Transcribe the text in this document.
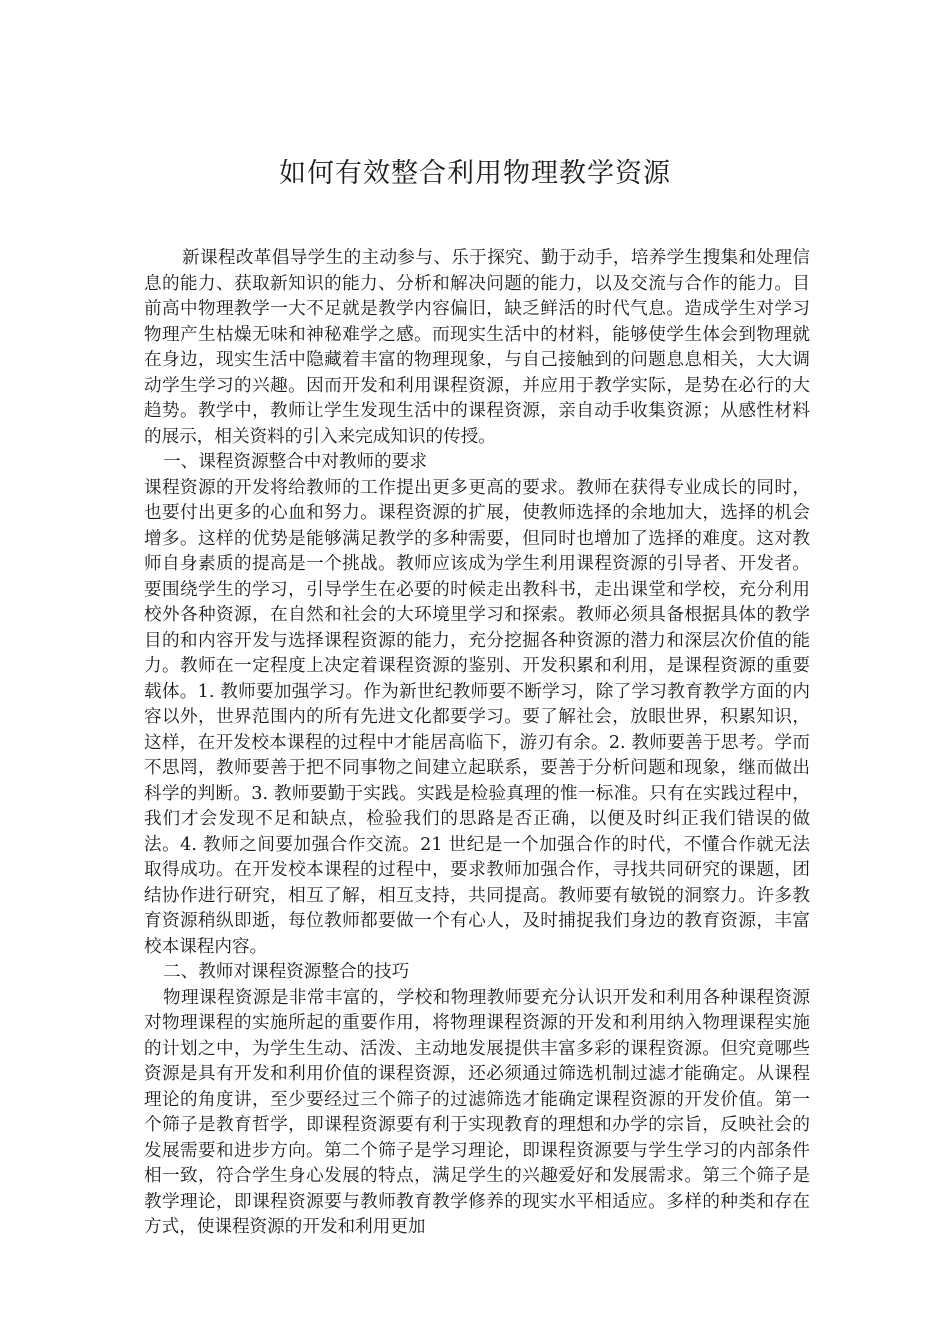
如何有效整合利用物理教学资源

新课程改革倡导学生的主动参与、乐于探究、勤于动手，培养学生搜集和处理信息的能力、获取新知识的能力、分析和解决问题的能力，以及交流与合作的能力。目前高中物理教学一大不足就是教学内容偏旧，缺乏鲜活的时代气息。造成学生对学习物理产生枯燥无味和神秘难学之感。而现实生活中的材料，能够使学生体会到物理就在身边，现实生活中隐藏着丰富的物理现象，与自己接触到的问题息息相关，大大调动学生学习的兴趣。因而开发和利用课程资源，并应用于教学实际，是势在必行的大趋势。教学中，教师让学生发现生活中的课程资源，亲自动手收集资源；从感性材料的展示，相关资料的引入来完成知识的传授。

一、课程资源整合中对教师的要求

课程资源的开发将给教师的工作提出更多更高的要求。教师在获得专业成长的同时，也要付出更多的心血和努力。课程资源的扩展，使教师选择的余地加大，选择的机会增多。这样的优势是能够满足教学的多种需要，但同时也增加了选择的难度。这对教师自身素质的提高是一个挑战。教师应该成为学生利用课程资源的引导者、开发者。要围绕学生的学习，引导学生在必要的时候走出教科书，走出课堂和学校，充分利用校外各种资源，在自然和社会的大环境里学习和探索。教师必须具备根据具体的教学目的和内容开发与选择课程资源的能力，充分挖掘各种资源的潜力和深层次价值的能力。教师在一定程度上决定着课程资源的鉴别、开发积累和利用，是课程资源的重要载体。1. 教师要加强学习。作为新世纪教师要不断学习，除了学习教育教学方面的内容以外，世界范围内的所有先进文化都要学习。要了解社会，放眼世界，积累知识，这样，在开发校本课程的过程中才能居高临下，游刃有余。2. 教师要善于思考。学而不思罔，教师要善于把不同事物之间建立起联系，要善于分析问题和现象，继而做出科学的判断。3. 教师要勤于实践。实践是检验真理的惟一标准。只有在实践过程中，我们才会发现不足和缺点，检验我们的思路是否正确，以便及时纠正我们错误的做法。4. 教师之间要加强合作交流。21 世纪是一个加强合作的时代，不懂合作就无法取得成功。在开发校本课程的过程中，要求教师加强合作，寻找共同研究的课题，团结协作进行研究，相互了解，相互支持，共同提高。教师要有敏锐的洞察力。许多教育资源稍纵即逝，每位教师都要做一个有心人，及时捕捉我们身边的教育资源，丰富校本课程内容。

二、教师对课程资源整合的技巧

物理课程资源是非常丰富的，学校和物理教师要充分认识开发和利用各种课程资源对物理课程的实施所起的重要作用，将物理课程资源的开发和利用纳入物理课程实施的计划之中，为学生生动、活泼、主动地发展提供丰富多彩的课程资源。但究竟哪些资源是具有开发和利用价值的课程资源，还必须通过筛选机制过滤才能确定。从课程理论的角度讲，至少要经过三个筛子的过滤筛选才能确定课程资源的开发价值。第一个筛子是教育哲学，即课程资源要有利于实现教育的理想和办学的宗旨，反映社会的发展需要和进步方向。第二个筛子是学习理论，即课程资源要与学生学习的内部条件相一致，符合学生身心发展的特点，满足学生的兴趣爱好和发展需求。第三个筛子是教学理论，即课程资源要与教师教育教学修养的现实水平相适应。多样的种类和存在方式，使课程资源的开发和利用更加
